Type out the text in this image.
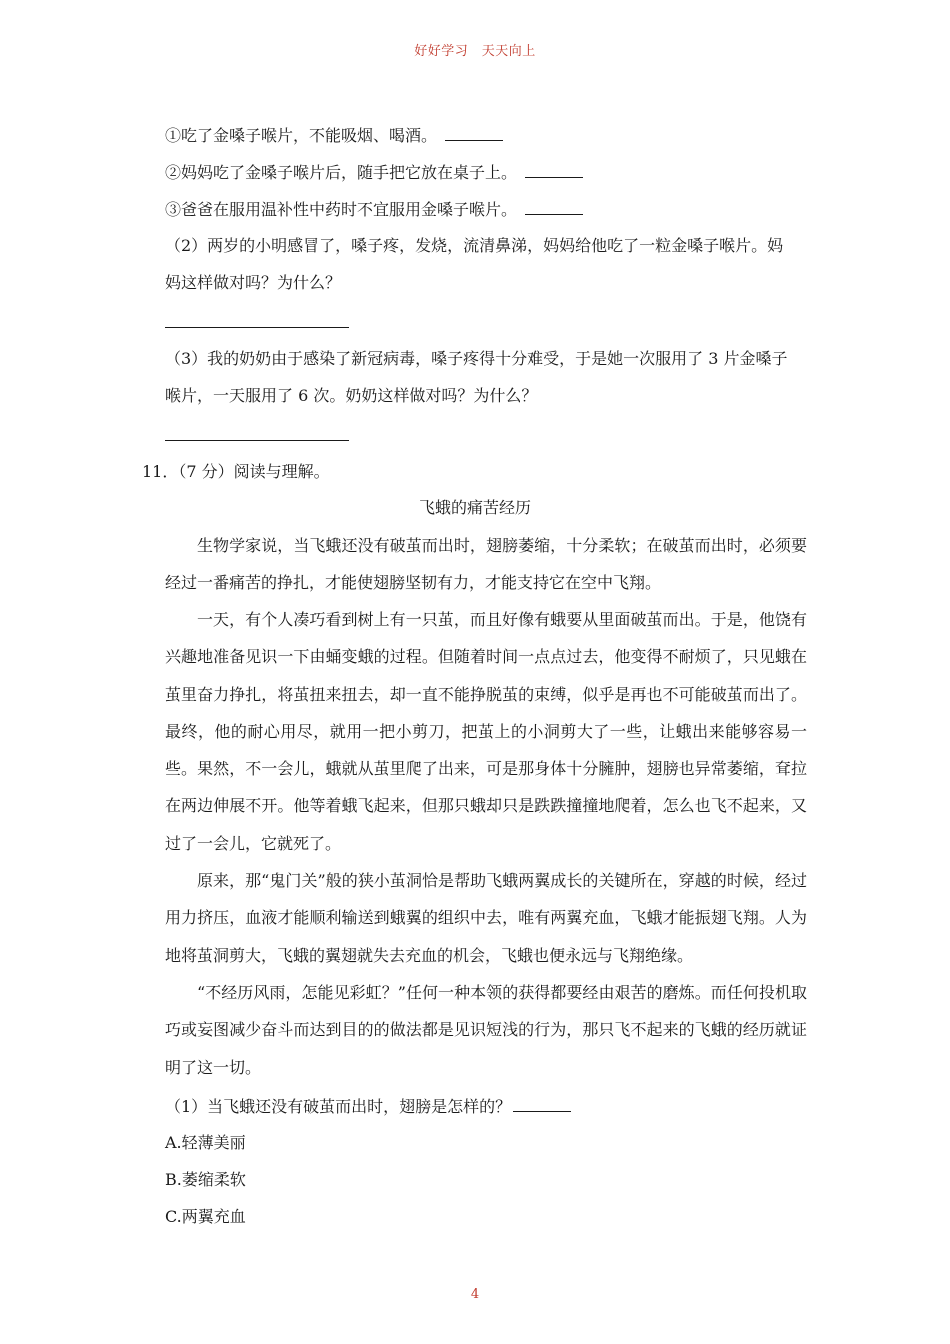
好好学习　天天向上
①吃了金嗓子喉片，不能吸烟、喝酒。
②妈妈吃了金嗓子喉片后，随手把它放在桌子上。
③爸爸在服用温补性中药时不宜服用金嗓子喉片。
（2）两岁的小明感冒了，嗓子疼，发烧，流清鼻涕，妈妈给他吃了一粒金嗓子喉片。妈
妈这样做对吗？为什么？
（3）我的奶奶由于感染了新冠病毒，嗓子疼得十分难受，于是她一次服用了 3 片金嗓子
喉片，一天服用了 6 次。奶奶这样做对吗？为什么？
11．（7 分）阅读与理解。
飞蛾的痛苦经历

生物学家说，当飞蛾还没有破茧而出时，翅膀萎缩，十分柔软；在破茧而出时，必须要经过一番痛苦的挣扎，才能使翅膀坚韧有力，才能支持它在空中飞翔。

一天，有个人凑巧看到树上有一只茧，而且好像有蛾要从里面破茧而出。于是，他饶有兴趣地准备见识一下由蛹变蛾的过程。但随着时间一点点过去，他变得不耐烦了，只见蛾在茧里奋力挣扎，将茧扭来扭去，却一直不能挣脱茧的束缚，似乎是再也不可能破茧而出了。最终，他的耐心用尽，就用一把小剪刀，把茧上的小洞剪大了一些，让蛾出来能够容易一些。果然，不一会儿，蛾就从茧里爬了出来，可是那身体十分臃肿，翅膀也异常萎缩，耷拉在两边伸展不开。他等着蛾飞起来，但那只蛾却只是跌跌撞撞地爬着，怎么也飞不起来，又过了一会儿，它就死了。

原来，那“鬼门关”般的狭小茧洞恰是帮助飞蛾两翼成长的关键所在，穿越的时候，经过用力挤压，血液才能顺利输送到蛾翼的组织中去，唯有两翼充血，飞蛾才能振翅飞翔。人为地将茧洞剪大，飞蛾的翼翅就失去充血的机会，飞蛾也便永远与飞翔绝缘。

“不经历风雨，怎能见彩虹？”任何一种本领的获得都要经由艰苦的磨炼。而任何投机取巧或妄图减少奋斗而达到目的的做法都是见识短浅的行为，那只飞不起来的飞蛾的经历就证明了这一切。

（1）当飞蛾还没有破茧而出时，翅膀是怎样的？
A.轻薄美丽
B.萎缩柔软
C.两翼充血
4
